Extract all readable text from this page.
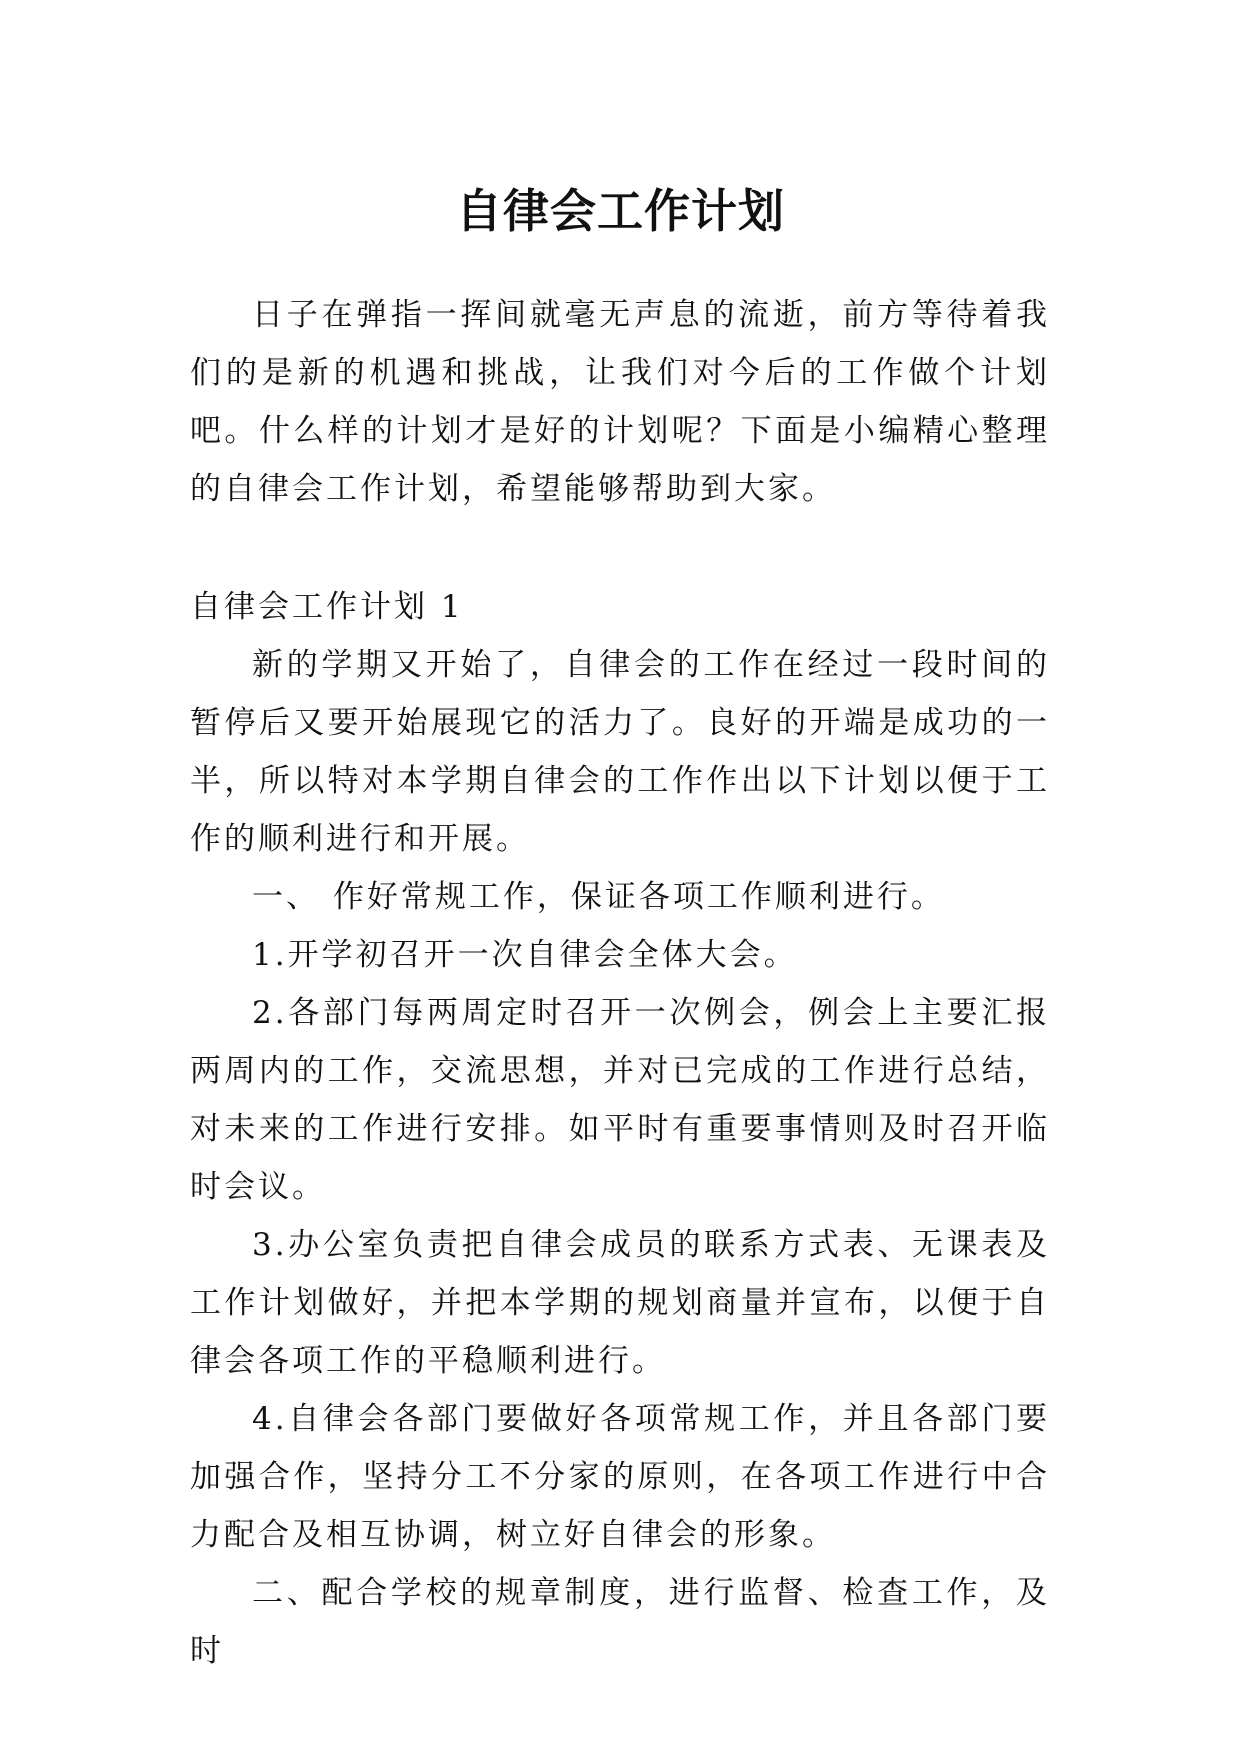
自律会工作计划

日子在弹指一挥间就毫无声息的流逝，前方等待着我们的是新的机遇和挑战，让我们对今后的工作做个计划吧。什么样的计划才是好的计划呢？下面是小编精心整理的自律会工作计划，希望能够帮助到大家。

自律会工作计划 1

新的学期又开始了，自律会的工作在经过一段时间的暂停后又要开始展现它的活力了。良好的开端是成功的一半，所以特对本学期自律会的工作作出以下计划以便于工作的顺利进行和开展。

一、 作好常规工作，保证各项工作顺利进行。

1.开学初召开一次自律会全体大会。

2.各部门每两周定时召开一次例会，例会上主要汇报两周内的工作，交流思想，并对已完成的工作进行总结，对未来的工作进行安排。如平时有重要事情则及时召开临时会议。

3.办公室负责把自律会成员的联系方式表、无课表及工作计划做好，并把本学期的规划商量并宣布，以便于自律会各项工作的平稳顺利进行。

4.自律会各部门要做好各项常规工作，并且各部门要加强合作，坚持分工不分家的原则，在各项工作进行中合力配合及相互协调，树立好自律会的形象。

二、配合学校的规章制度，进行监督、检查工作，及时
